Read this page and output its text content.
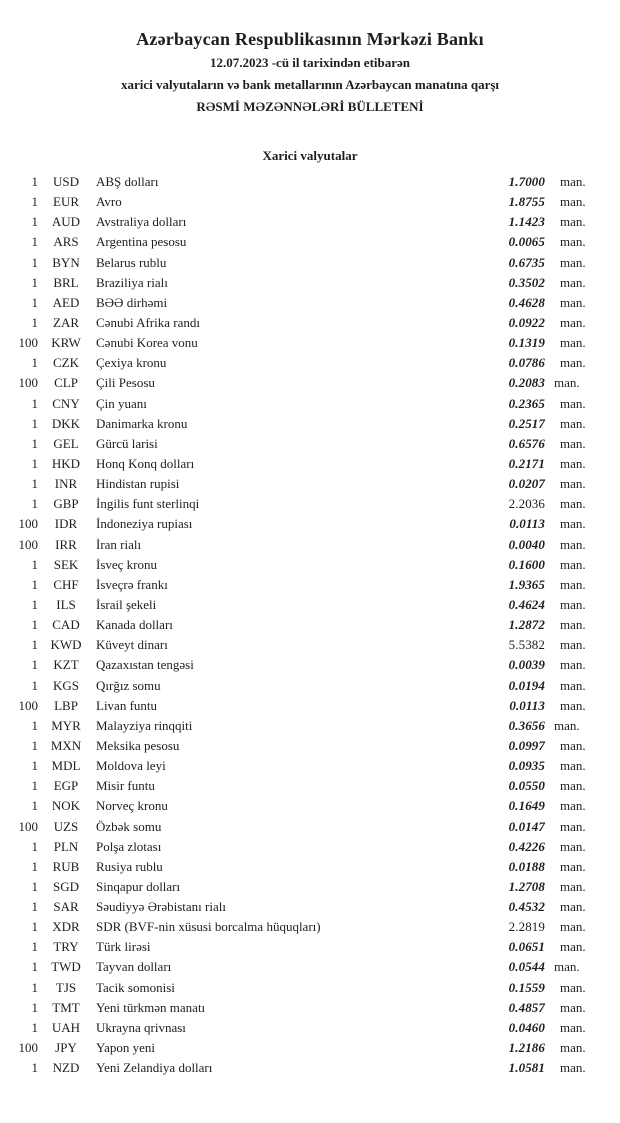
Azərbaycan Respublikasının Mərkəzi Bankı
12.07.2023 -cü il tarixindən etibarən
xarici valyutaların və bank metallarının Azərbaycan manatına qarşı
RƏSMİ MƏZƏNNƏLƏRİ BÜLLETENİ
Xarici valyutalar
1	USD	ABŞ dolları	1.7000	man.
1	EUR	Avro	1.8755	man.
1	AUD	Avstraliya dolları	1.1423	man.
1	ARS	Argentina pesosu	0.0065	man.
1	BYN	Belarus rublu	0.6735	man.
1	BRL	Braziliya rialı	0.3502	man.
1	AED	BƏƏ dirhəmi	0.4628	man.
1	ZAR	Cənubi Afrika randı	0.0922	man.
100	KRW	Cənubi Korea vonu	0.1319	man.
1	CZK	Çexiya kronu	0.0786	man.
100	CLP	Çili Pesosu	0.2083 man.
1	CNY	Çin yuanı	0.2365	man.
1	DKK	Danimarka kronu	0.2517	man.
1	GEL	Gürcü larisi	0.6576	man.
1	HKD	Honq Konq dolları	0.2171	man.
1	INR	Hindistan rupisi	0.0207	man.
1	GBP	İngilis funt sterlinqi	2.2036	man.
100	IDR	İndoneziya rupiası	0.0113	man.
100	IRR	İran rialı	0.0040	man.
1	SEK	İsveç kronu	0.1600	man.
1	CHF	İsveçrə frankı	1.9365	man.
1	ILS	İsrail şekeli	0.4624	man.
1	CAD	Kanada dolları	1.2872	man.
1 KWD	Küveyt dinarı	5.5382	man.
1	KZT	Qazaxıstan tengəsi	0.0039	man.
1	KGS	Qırğız somu	0.0194	man.
100	LBP	Livan funtu	0.0113	man.
1	MYR	Malayziya rinqqiti	0.3656 man.
1 MXN	Meksika pesosu	0.0997	man.
1	MDL	Moldova leyi	0.0935	man.
1	EGP	Misir funtu	0.0550	man.
1	NOK	Norveç kronu	0.1649	man.
100	UZS	Özbək somu	0.0147	man.
1	PLN	Polşa zlotası	0.4226	man.
1	RUB	Rusiya rublu	0.0188	man.
1	SGD	Sinqapur dolları	1.2708	man.
1	SAR	Səudiyyə Ərəbistanı rialı	0.4532	man.
1	XDR	SDR (BVF-nin xüsusi borcalma hüquqları)	2.2819	man.
1	TRY	Türk lirəsi	0.0651	man.
1	TWD	Tayvan dolları	0.0544 man.
1	TJS	Tacik somonisi	0.1559	man.
1	TMT	Yeni türkmən manatı	0.4857	man.
1	UAH	Ukrayna qrivnası	0.0460	man.
100	JPY	Yapon yeni	1.2186	man.
1	NZD	Yeni Zelandiya dolları	1.0581	man.
